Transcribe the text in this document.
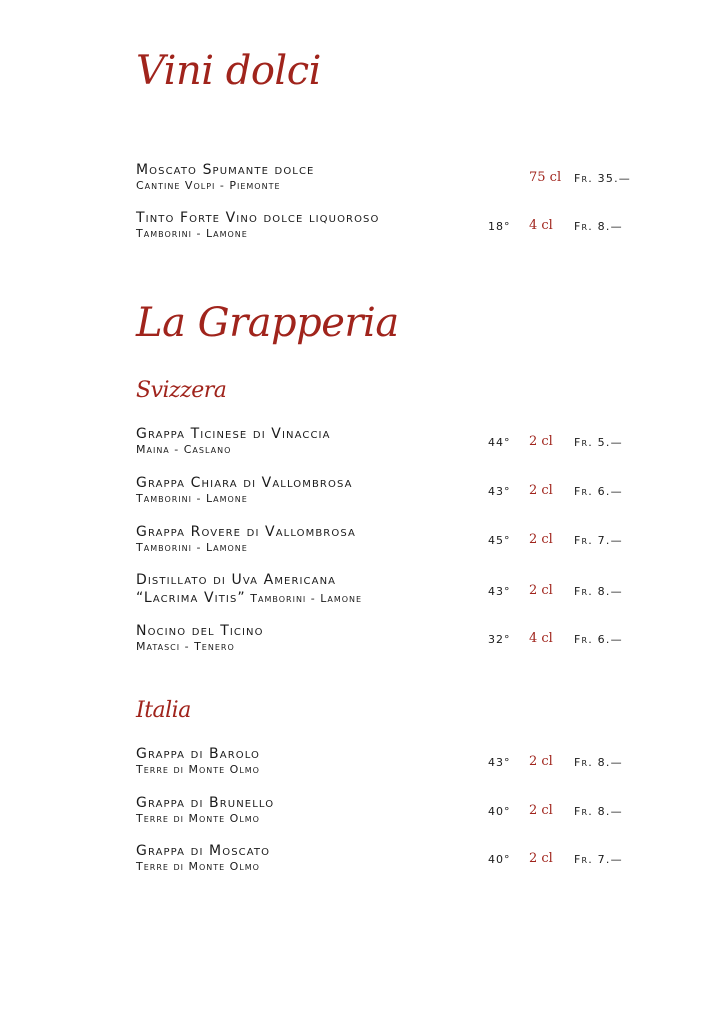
Vini dolci
Moscato Spumante dolce
Cantine Volpi - Piemonte
75 cl Fr. 35.—
Tinto Forte Vino dolce liquoroso
Tamborini - Lamone
18° 4 cl Fr. 8.—
La Grapperia
Svizzera
Grappa Ticinese di Vinaccia
Maina - Caslano
44° 2 cl Fr. 5.—
Grappa Chiara di Vallombrosa
Tamborini - Lamone
43° 2 cl Fr. 6.—
Grappa Rovere di Vallombrosa
Tamborini - Lamone
45° 2 cl Fr. 7.—
Distillato di Uva Americana
“Lacrima Vitis” Tamborini - Lamone
43° 2 cl Fr. 8.—
Nocino del Ticino
Matasci - Tenero
32° 4 cl Fr. 6.—
Italia
Grappa di Barolo
Terre di Monte Olmo
43° 2 cl Fr. 8.—
Grappa di Brunello
Terre di Monte Olmo
40° 2 cl Fr. 8.—
Grappa di Moscato
Terre di Monte Olmo
40° 2 cl Fr. 7.—
